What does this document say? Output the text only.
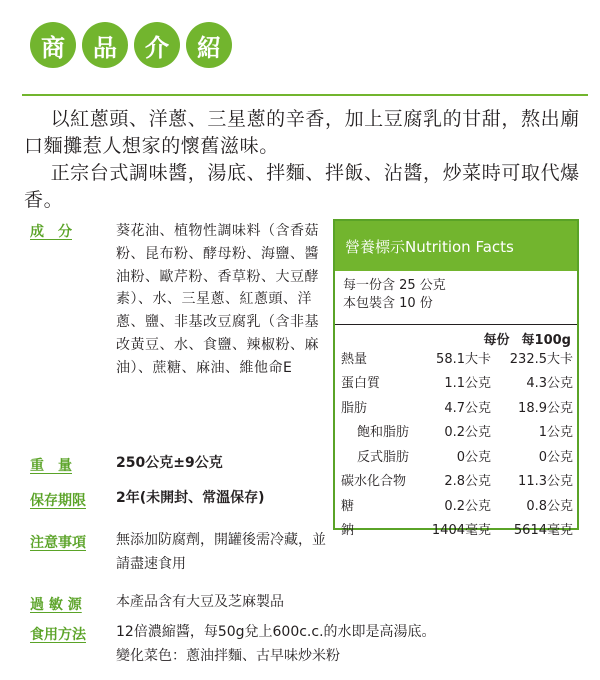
商	品	介	紹

以紅蔥頭、洋蔥、三星蔥的辛香，加上豆腐乳的甘甜，熬出廟口麵攤惹人想家的懷舊滋味。

正宗台式調味醬，湯底、拌麵、拌飯、沾醬，炒菜時可取代爆香。

成　分	葵花油、植物性調味料（含香菇粉、昆布粉、酵母粉、海鹽、醬油粉、歐芹粉、香草粉、大豆酵素）、水、三星蔥、紅蔥頭、洋蔥、鹽、非基改豆腐乳（含非基改黃豆、水、食鹽、辣椒粉、麻油）、蔗糖、麻油、維他命E
重　量	250公克±9公克
保存期限	2年(未開封、常溫保存)
注意事項	無添加防腐劑，開罐後需冷藏，並請盡速食用
過 敏 源	本產品含有大豆及芝麻製品
食用方法	12倍濃縮醬，每50g兌上600c.c.的水即是高湯底。
變化菜色：蔥油拌麵、古早味炒米粉
營養標示Nutrition Facts
每一份含 25 公克
本包裝含 10 份
每份 每100g
熱量	58.1大卡	232.5大卡
蛋白質	1.1公克	4.3公克
脂肪	4.7公克	18.9公克
飽和脂肪	0.2公克	1公克
反式脂肪	0公克	0公克
碳水化合物	2.8公克	11.3公克
糖	0.2公克	0.8公克
鈉	1404毫克	5614毫克
